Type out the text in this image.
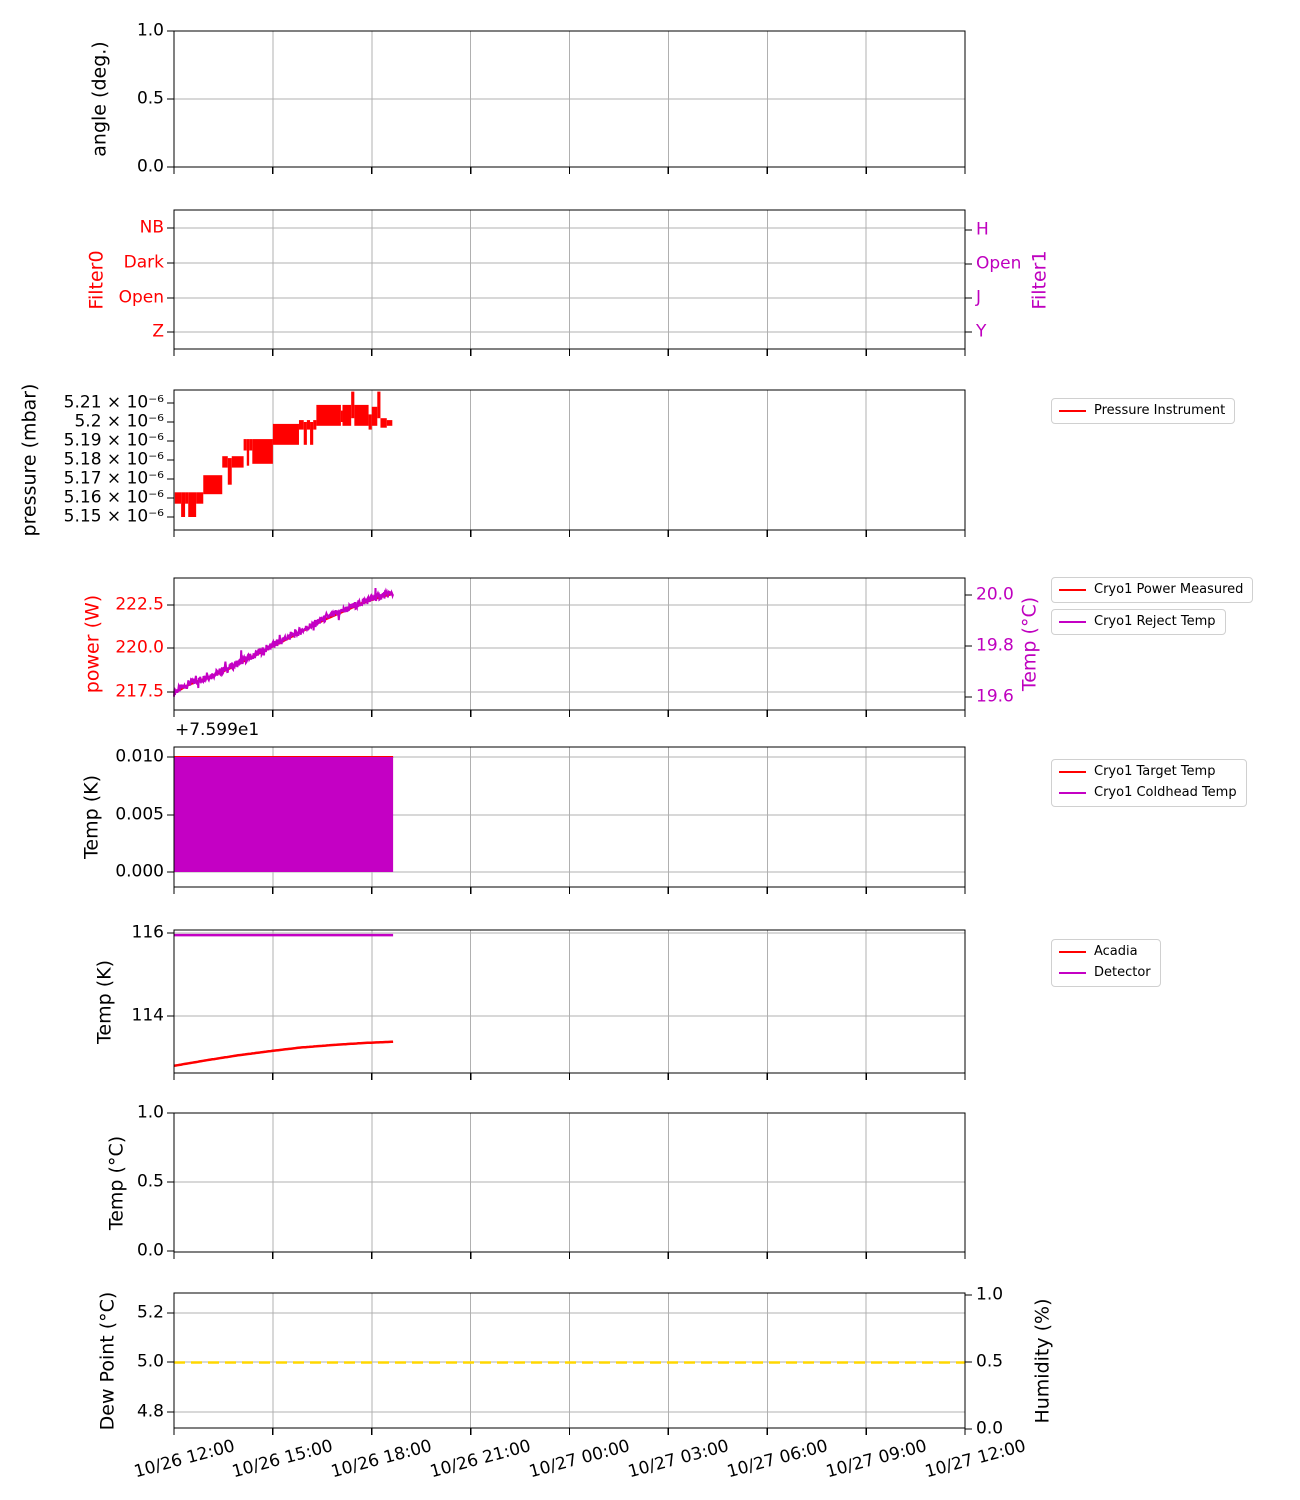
+7.599e1
1.0
0.5
0.0
angle (deg.)
NB
Dark
Open
Z
H
Open
J
Y
Filter0	Filter1
5.21 × 10⁻⁶
5.2 × 10⁻⁶
5.19 × 10⁻⁶
5.18 × 10⁻⁶
5.17 × 10⁻⁶
5.16 × 10⁻⁶
5.15 × 10⁻⁶
pressure (mbar)
222.5
220.0
217.5
20.0
19.8
19.6
power (W)	Temp (°C)
0.010
0.005
0.000
Temp (K)
116
114
Temp (K)
1.0
0.5
0.0
Temp (°C)
5.2
5.0
4.8
1.0
0.5
0.0
Dew Point (°C)	Humidity (%)
10/26 12:00
10/26 15:00
10/26 18:00
10/26 21:00
10/27 00:00
10/27 03:00
10/27 06:00
10/27 09:00
10/27 12:00
Pressure Instrument
Cryo1 Power Measured
Cryo1 Reject Temp
Cryo1 Target Temp
Cryo1 Coldhead Temp
Acadia
Detector
